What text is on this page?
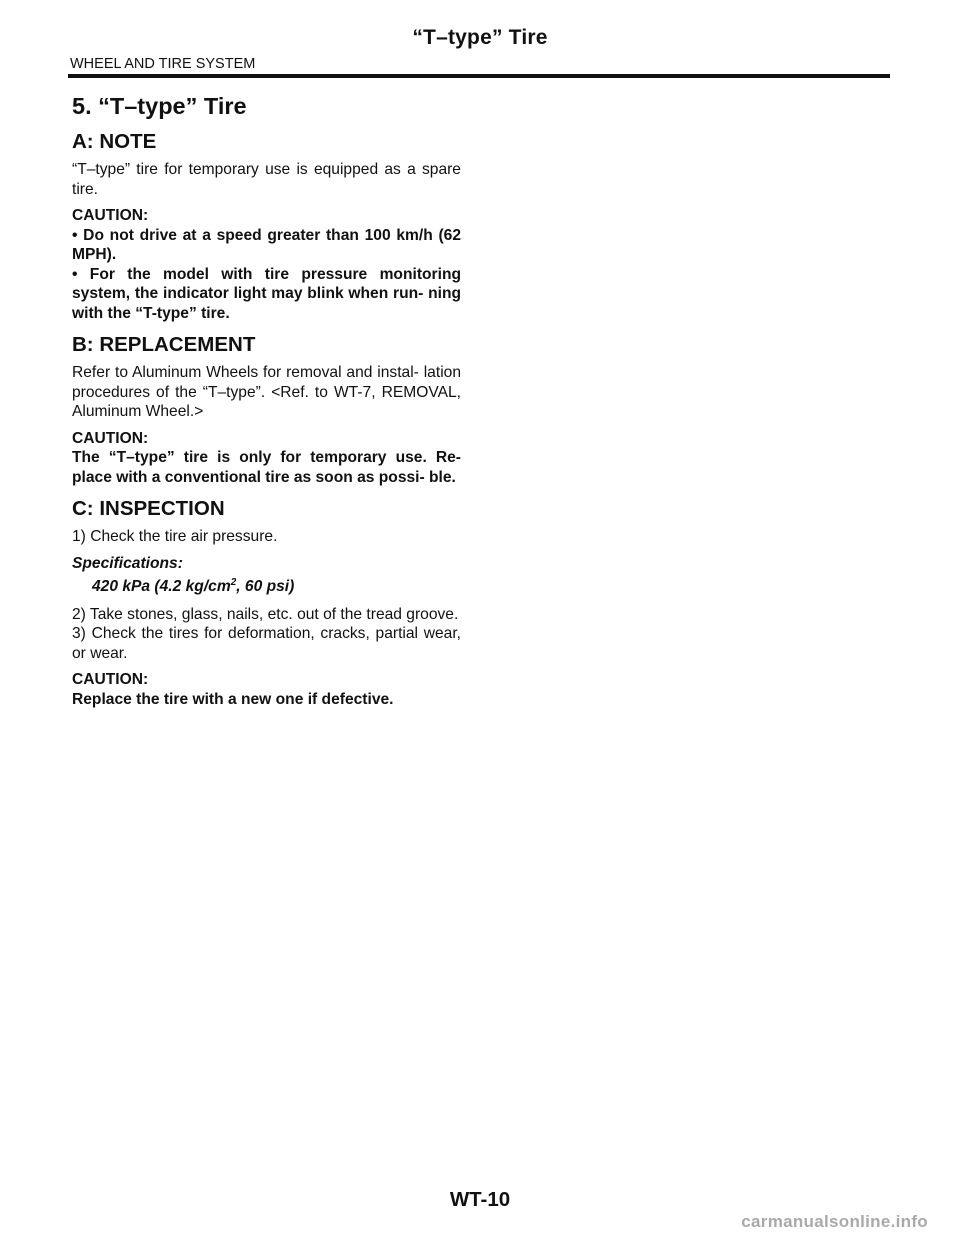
“T–type” Tire
WHEEL AND TIRE SYSTEM
5. “T–type” Tire
A: NOTE

“T–type” tire for temporary use is equipped as a spare tire.

CAUTION:

• Do not drive at a speed greater than 100 km/h (62 MPH).

• For the model with tire pressure monitoring system, the indicator light may blink when run- ning with the “T-type” tire.

B: REPLACEMENT

Refer to Aluminum Wheels for removal and instal- lation procedures of the “T–type”. <Ref. to WT-7, REMOVAL, Aluminum Wheel.>

CAUTION:

The “T–type” tire is only for temporary use. Re- place with a conventional tire as soon as possi- ble.

C: INSPECTION

1) Check the tire air pressure.

Specifications:

420 kPa (4.2 $kg/cm^2$, 60 psi)

2) Take stones, glass, nails, etc. out of the tread groove.

3) Check the tires for deformation, cracks, partial wear, or wear.

CAUTION:

Replace the tire with a new one if defective.

WT-10
carmanualsonline.info
